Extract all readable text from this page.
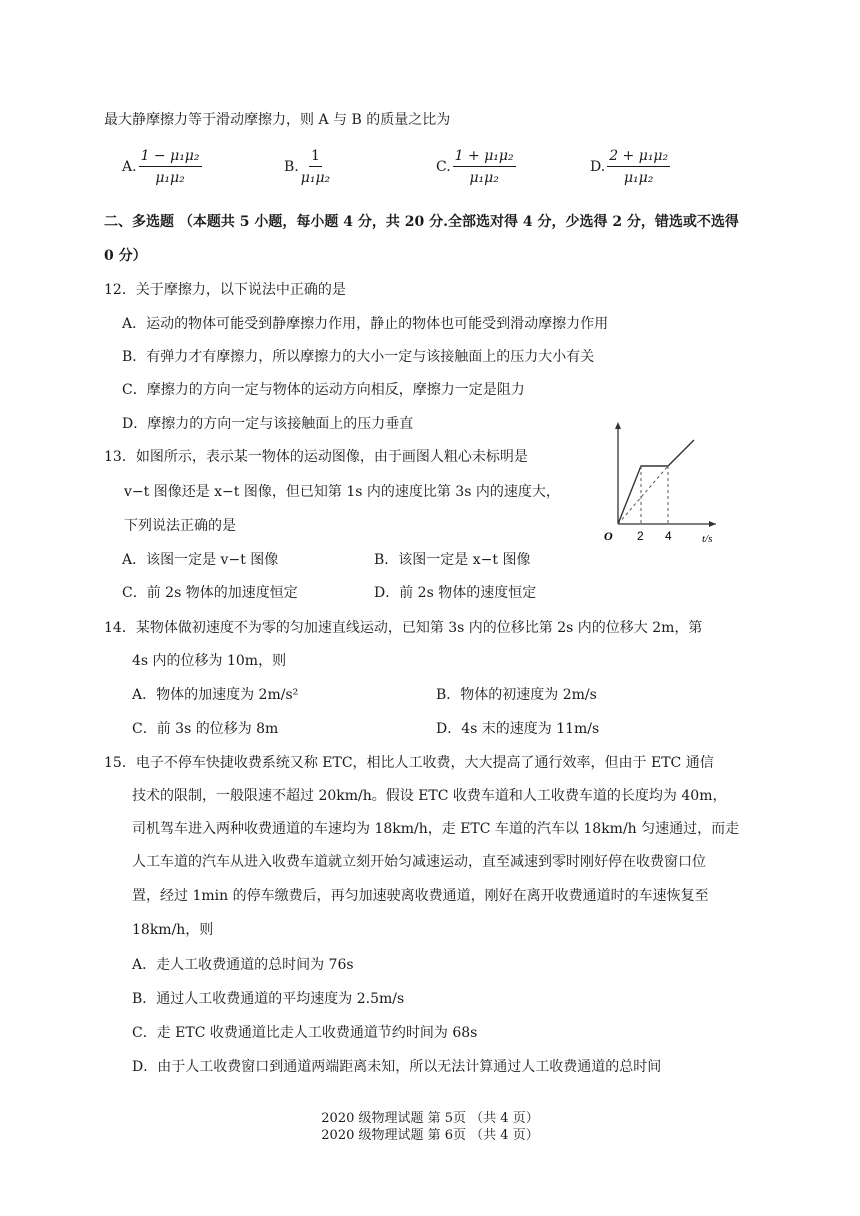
最大静摩擦力等于滑动摩擦力，则 A 与 B 的质量之比为
A. $\frac{\text{1 − μ₁μ₂}}{\text{μ₁μ₂}}$	B. $\frac{1}{\text{μ₁μ₂}}$	C. $\frac{\text{1 + μ₁μ₂}}{\text{μ₁μ₂}}$	D. $\frac{\text{2 + μ₁μ₂}}{\text{μ₁μ₂}}$
二、多选题 （本题共 5 小题，每小题 4 分，共 20 分.全部选对得 4 分，少选得 2 分，错选或不选得
0 分）
12．关于摩擦力，以下说法中正确的是
A．运动的物体可能受到静摩擦力作用，静止的物体也可能受到滑动摩擦力作用
B．有弹力才有摩擦力，所以摩擦力的大小一定与该接触面上的压力大小有关
C．摩擦力的方向一定与物体的运动方向相反，摩擦力一定是阻力
D．摩擦力的方向一定与该接触面上的压力垂直
13．如图所示，表示某一物体的运动图像，由于画图人粗心未标明是
v−t 图像还是 x−t 图像，但已知第 1s 内的速度比第 3s 内的速度大，
下列说法正确的是
A．该图一定是 v−t 图像	B．该图一定是 x−t 图像
C．前 2s 物体的加速度恒定	D．前 2s 物体的速度恒定
O 2 4	t/s
14．某物体做初速度不为零的匀加速直线运动，已知第 3s 内的位移比第 2s 内的位移大 2m，第
4s 内的位移为 10m，则
A．物体的加速度为 2m/s²	B．物体的初速度为 2m/s
C．前 3s 的位移为 8m	D．4s 末的速度为 11m/s
15．电子不停车快捷收费系统又称 ETC，相比人工收费，大大提高了通行效率，但由于 ETC 通信
技术的限制，一般限速不超过 20km/h。假设 ETC 收费车道和人工收费车道的长度均为 40m，
司机驾车进入两种收费通道的车速均为 18km/h，走 ETC 车道的汽车以 18km/h 匀速通过，而走
人工车道的汽车从进入收费车道就立刻开始匀减速运动，直至减速到零时刚好停在收费窗口位
置，经过 1min 的停车缴费后，再匀加速驶离收费通道，刚好在离开收费通道时的车速恢复至
18km/h，则
A．走人工收费通道的总时间为 76s
B．通过人工收费通道的平均速度为 2.5m/s
C．走 ETC 收费通道比走人工收费通道节约时间为 68s
D．由于人工收费窗口到通道两端距离未知，所以无法计算通过人工收费通道的总时间
2020 级物理试题 第 5页 （共 4 页）
2020 级物理试题 第 6页 （共 4 页）
